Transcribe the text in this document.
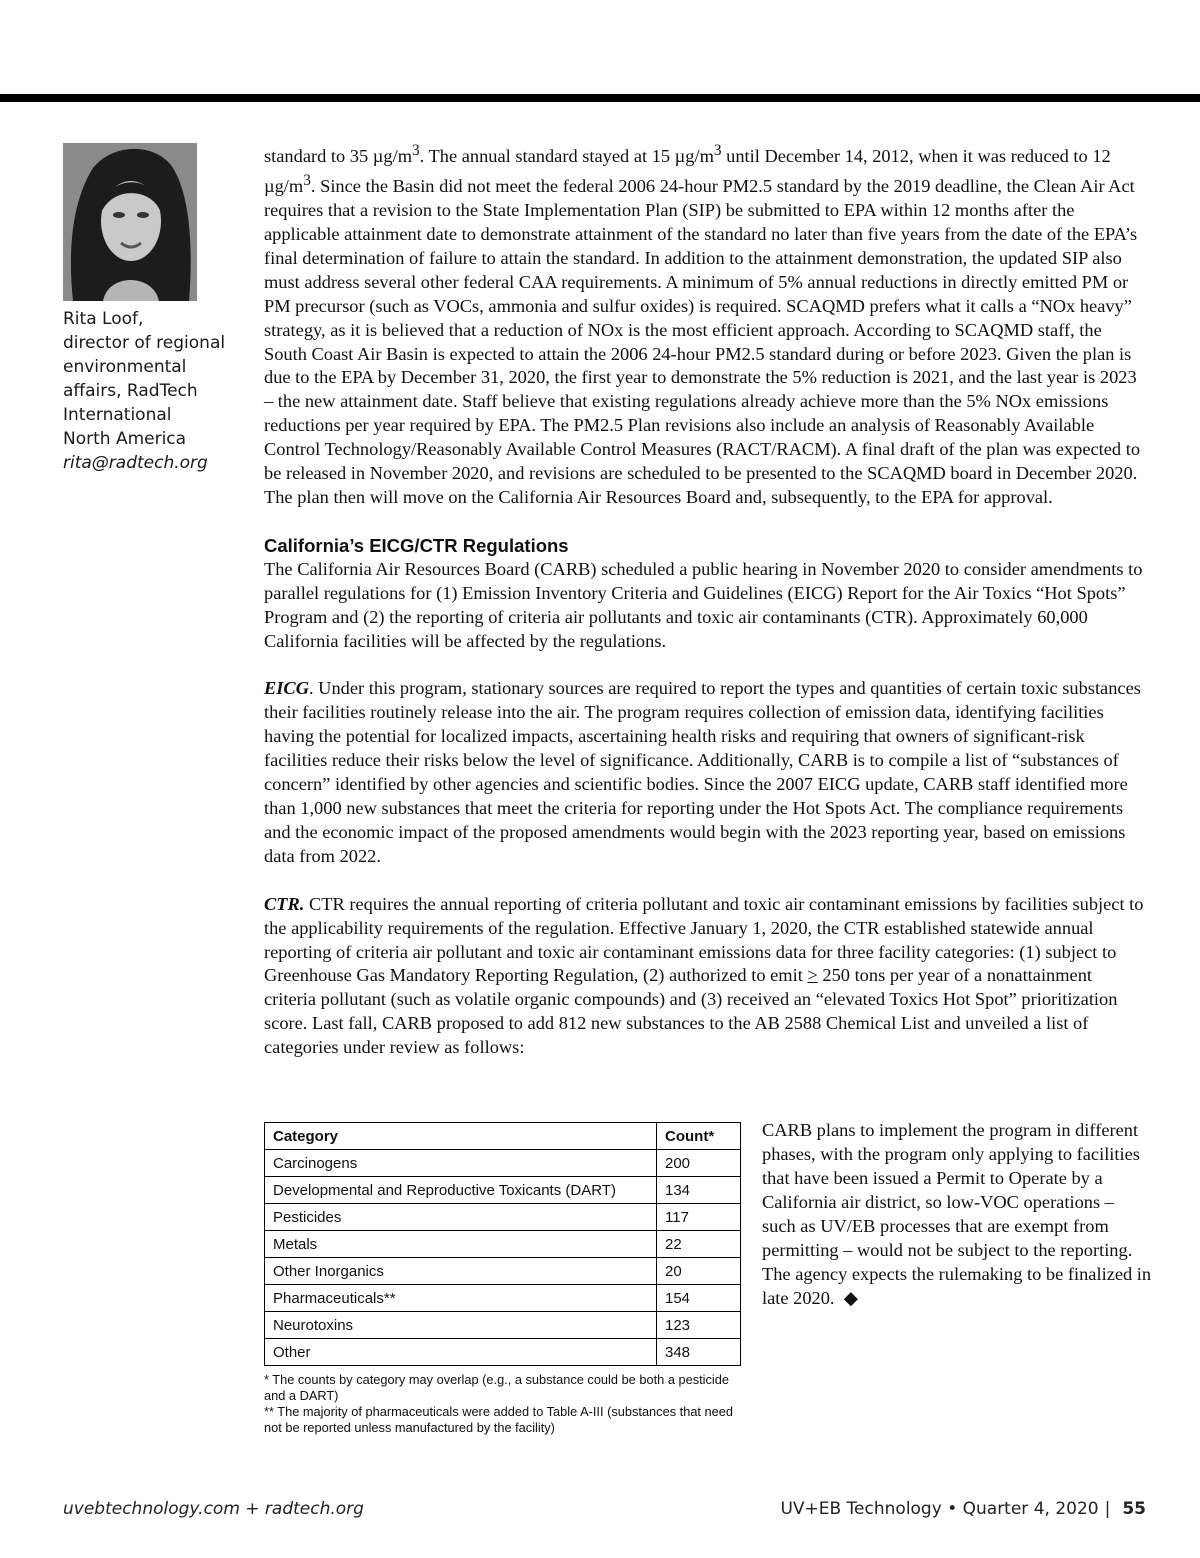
Rita Loof,
director of regional
environmental
affairs, RadTech
International
North America
rita@radtech.org

standard to 35 $\mu g/m^3$. The annual standard stayed at 15 $\mu g/m^3$ until December 14, 2012, when it was reduced to 12 $\mu g/m^3$. Since the Basin did not meet the federal 2006 24-hour PM2.5 standard by the 2019 deadline, the Clean Air Act requires that a revision to the State Implementation Plan (SIP) be submitted to EPA within 12 months after the applicable attainment date to demonstrate attainment of the standard no later than five years from the date of the EPA’s final determination of failure to attain the standard. In addition to the attainment demonstration, the updated SIP also must address several other federal CAA requirements. A minimum of 5% annual reductions in directly emitted PM or PM precursor (such as VOCs, ammonia and sulfur oxides) is required. SCAQMD prefers what it calls a “NOx heavy” strategy, as it is believed that a reduction of NOx is the most efficient approach. According to SCAQMD staff, the South Coast Air Basin is expected to attain the 2006 24-hour PM2.5 standard during or before 2023. Given the plan is due to the EPA by December 31, 2020, the first year to demonstrate the 5% reduction is 2021, and the last year is 2023 – the new attainment date. Staff believe that existing regulations already achieve more than the 5% NOx emissions reductions per year required by EPA. The PM2.5 Plan revisions also include an analysis of Reasonably Available Control Technology/Reasonably Available Control Measures (RACT/RACM). A final draft of the plan was expected to be released in November 2020, and revisions are scheduled to be presented to the SCAQMD board in December 2020. The plan then will move on the California Air Resources Board and, subsequently, to the EPA for approval.

California’s EICG/CTR Regulations

The California Air Resources Board (CARB) scheduled a public hearing in November 2020 to consider amendments to parallel regulations for (1) Emission Inventory Criteria and Guidelines (EICG) Report for the Air Toxics “Hot Spots” Program and (2) the reporting of criteria air pollutants and toxic air contaminants (CTR). Approximately 60,000 California facilities will be affected by the regulations.

EICG. Under this program, stationary sources are required to report the types and quantities of certain toxic substances their facilities routinely release into the air. The program requires collection of emission data, identifying facilities having the potential for localized impacts, ascertaining health risks and requiring that owners of significant-risk facilities reduce their risks below the level of significance. Additionally, CARB is to compile a list of “substances of concern” identified by other agencies and scientific bodies. Since the 2007 EICG update, CARB staff identified more than 1,000 new substances that meet the criteria for reporting under the Hot Spots Act. The compliance requirements and the economic impact of the proposed amendments would begin with the 2023 reporting year, based on emissions data from 2022.

CTR. CTR requires the annual reporting of criteria pollutant and toxic air contaminant emissions by facilities subject to the applicability requirements of the regulation. Effective January 1, 2020, the CTR established statewide annual reporting of criteria air pollutant and toxic air contaminant emissions data for three facility categories: (1) subject to Greenhouse Gas Mandatory Reporting Regulation, (2) authorized to emit ≥ 250 tons per year of a nonattainment criteria pollutant (such as volatile organic compounds) and (3) received an “elevated Toxics Hot Spot” prioritization score. Last fall, CARB proposed to add 812 new substances to the AB 2588 Chemical List and unveiled a list of categories under review as follows:

Category	Count*
Carcinogens	200
Developmental and Reproductive Toxicants (DART)	134
Pesticides	117
Metals	22
Other Inorganics	20
Pharmaceuticals**	154
Neurotoxins	123
Other	348
* The counts by category may overlap (e.g., a substance could be both a pesticide and a DART)
** The majority of pharmaceuticals were added to Table A-III (substances that need not be reported unless manufactured by the facility)

CARB plans to implement the program in different phases, with the program only applying to facilities that have been issued a Permit to Operate by a California air district, so low-VOC operations – such as UV/EB processes that are exempt from permitting – would not be subject to the reporting. The agency expects the rulemaking to be finalized in late 2020. ◆

uvebtechnology.com + radtech.org	UV+EB Technology • Quarter 4, 2020 | 55
